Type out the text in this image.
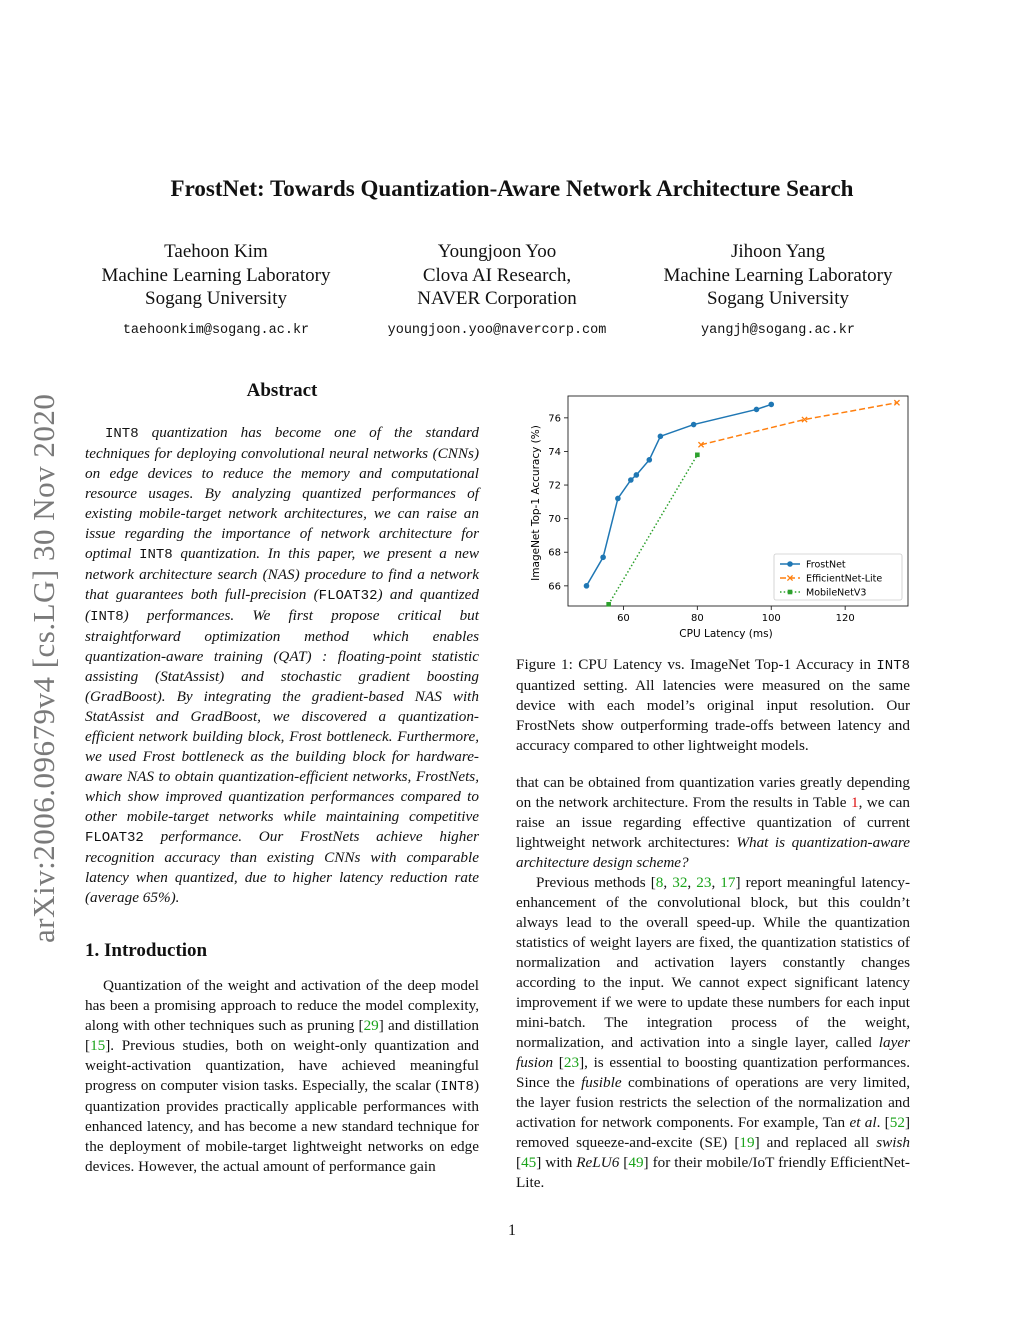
arXiv:2006.09679v4 [cs.LG] 30 Nov 2020
FrostNet: Towards Quantization-Aware Network Architecture Search
Taehoon Kim
Machine Learning Laboratory
Sogang University
taehoonkim@sogang.ac.kr
Youngjoon Yoo
Clova AI Research,
NAVER Corporation
youngjoon.yoo@navercorp.com
Jihoon Yang
Machine Learning Laboratory
Sogang University
yangjh@sogang.ac.kr
Abstract

INT8 quantization has become one of the standard techniques for deploying convolutional neural networks (CNNs) on edge devices to reduce the memory and computational resource usages. By analyzing quantized performances of existing mobile-target network architectures, we can raise an issue regarding the importance of network architecture for optimal INT8 quantization. In this paper, we present a new network architecture search (NAS) procedure to find a network that guarantees both full-precision (FLOAT32) and quantized (INT8) performances. We first propose critical but straightforward optimization method which enables quantization-aware training (QAT) : floating-point statistic assisting (StatAssist) and stochastic gradient boosting (GradBoost). By integrating the gradient-based NAS with StatAssist and GradBoost, we discovered a quantization-efficient network building block, Frost bottleneck. Furthermore, we used Frost bottleneck as the building block for hardware-aware NAS to obtain quantization-efficient networks, FrostNets, which show improved quantization performances compared to other mobile-target networks while maintaining competitive FLOAT32 performance. Our FrostNets achieve higher recognition accuracy than existing CNNs with comparable latency when quantized, due to higher latency reduction rate (average 65%).

1. Introduction

Quantization of the weight and activation of the deep model has been a promising approach to reduce the model complexity, along with other techniques such as pruning [29] and distillation [15]. Previous studies, both on weight-only quantization and weight-activation quantization, have achieved meaningful progress on computer vision tasks. Especially, the scalar (INT8) quantization provides practically applicable performances with enhanced latency, and has become a new standard technique for the deployment of mobile-target lightweight networks on edge devices. However, the actual amount of performance gain

60	80	100	120
66
68
70
72
74
76
CPU Latency (ms)
ImageNet Top-1 Accuracy (%)	FrostNet
EfficientNet-Lite
MobileNetV3

Figure 1: CPU Latency vs. ImageNet Top-1 Accuracy in INT8 quantized setting. All latencies were measured on the same device with each model’s original input resolution. Our FrostNets show outperforming trade-offs between latency and accuracy compared to other lightweight models.

that can be obtained from quantization varies greatly depending on the network architecture. From the results in Table 1, we can raise an issue regarding effective quantization of current lightweight network architectures: What is quantization-aware architecture design scheme?

Previous methods [8, 32, 23, 17] report meaningful latency-enhancement of the convolutional block, but this couldn’t always lead to the overall speed-up. While the quantization statistics of weight layers are fixed, the quantization statistics of normalization and activation layers constantly changes according to the input. We cannot expect significant latency improvement if we were to update these numbers for each input mini-batch. The integration process of the weight, normalization, and activation into a single layer, called layer fusion [23], is essential to boosting quantization performances. Since the fusible combinations of operations are very limited, the layer fusion restricts the selection of the normalization and activation for network components. For example, Tan et al. [52] removed squeeze-and-excite (SE) [19] and replaced all swish [45] with ReLU6 [49] for their mobile/IoT friendly EfficientNet-Lite.

1
